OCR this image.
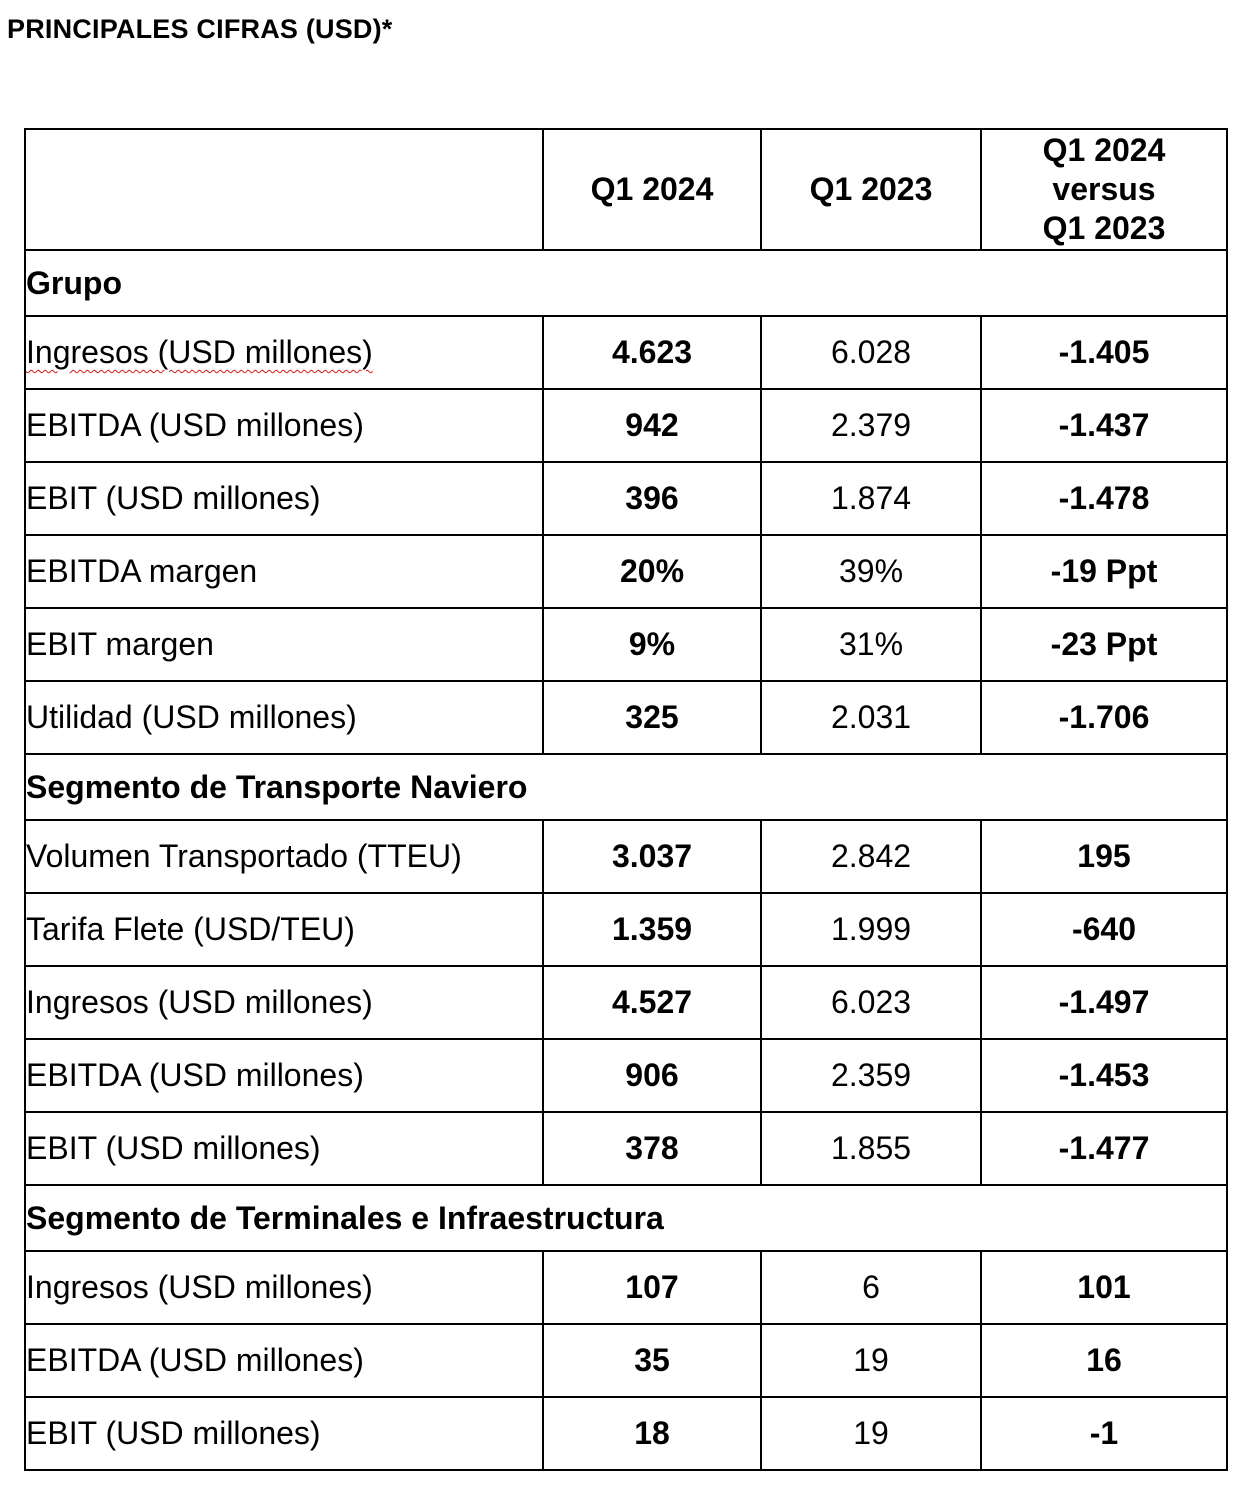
PRINCIPALES CIFRAS (USD)*
	Q1 2024	Q1 2023	Q1 2024
versus
Q1 2023

Grupo			
Ingresos (USD millones)	4.623	6.028	-1.405
EBITDA (USD millones)	942	2.379	-1.437
EBIT (USD millones)	396	1.874	-1.478
EBITDA margen	20%	39%	-19 Ppt
EBIT margen	9%	31%	-23 Ppt
Utilidad (USD millones)	325	2.031	-1.706
Segmento de Transporte Naviero			
Volumen Transportado (TTEU)	3.037	2.842	195
Tarifa Flete (USD/TEU)	1.359	1.999	-640
Ingresos (USD millones)	4.527	6.023	-1.497
EBITDA (USD millones)	906	2.359	-1.453
EBIT (USD millones)	378	1.855	-1.477
Segmento de Terminales e Infraestructura			
Ingresos (USD millones)	107	6	101
EBITDA (USD millones)	35	19	16
EBIT (USD millones)	18	19	-1
